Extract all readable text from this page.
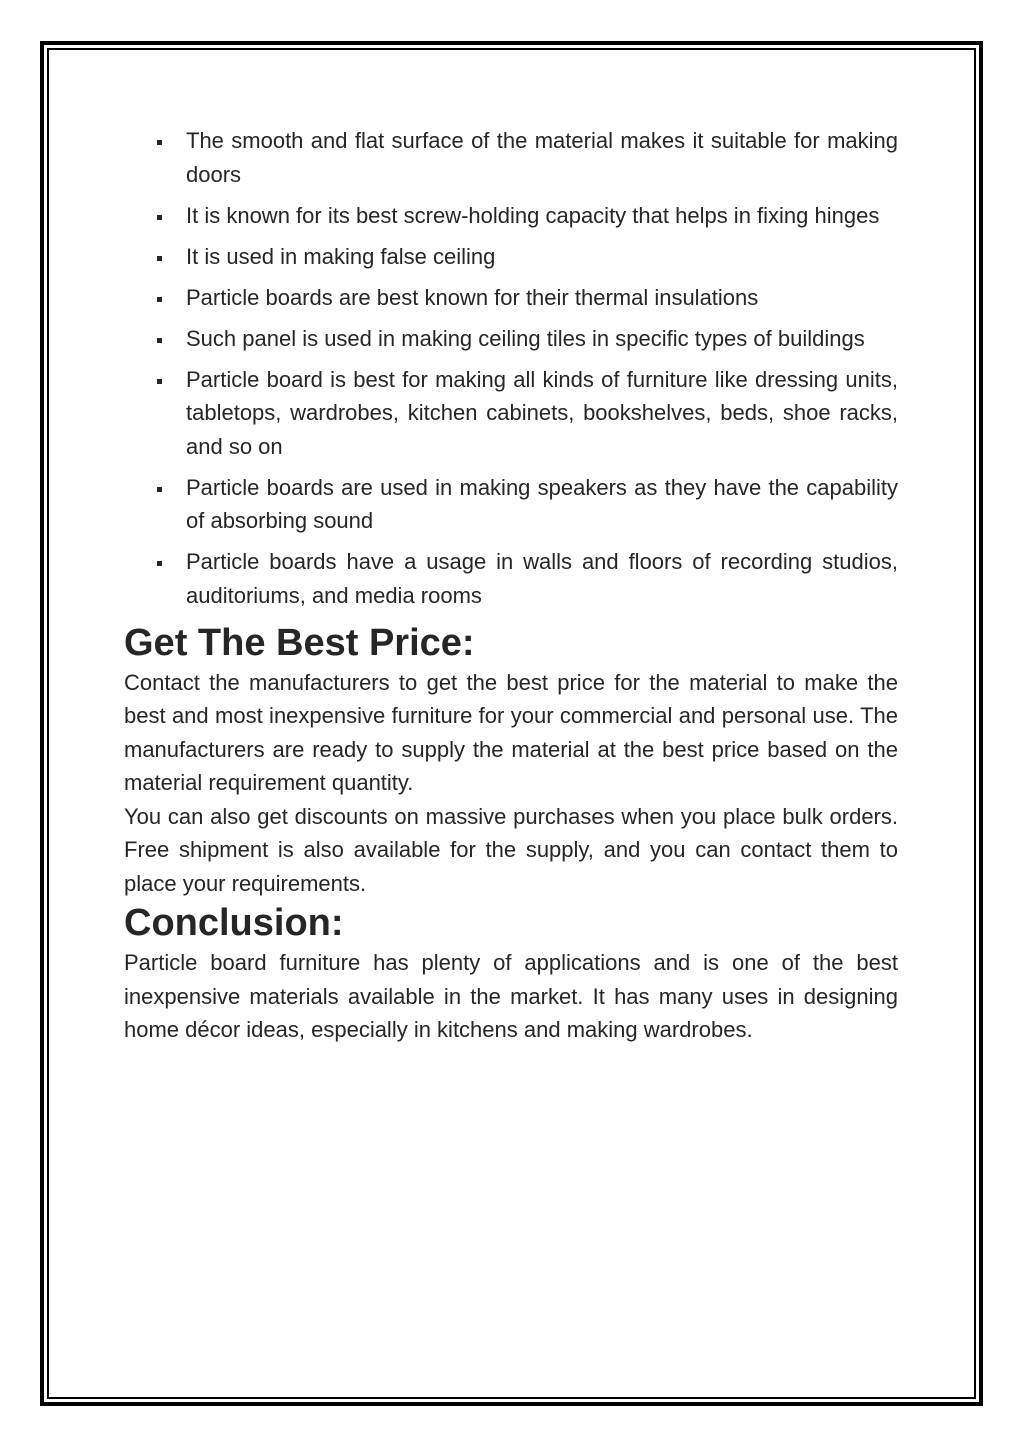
The smooth and flat surface of the material makes it suitable for making doors
It is known for its best screw-holding capacity that helps in fixing hinges
It is used in making false ceiling
Particle boards are best known for their thermal insulations
Such panel is used in making ceiling tiles in specific types of buildings
Particle board is best for making all kinds of furniture like dressing units, tabletops, wardrobes, kitchen cabinets, bookshelves, beds, shoe racks, and so on
Particle boards are used in making speakers as they have the capability of absorbing sound
Particle boards have a usage in walls and floors of recording studios, auditoriums, and media rooms
Get The Best Price:

Contact the manufacturers to get the best price for the material to make the best and most inexpensive furniture for your commercial and personal use. The manufacturers are ready to supply the material at the best price based on the material requirement quantity.

You can also get discounts on massive purchases when you place bulk orders. Free shipment is also available for the supply, and you can contact them to place your requirements.

Conclusion:

Particle board furniture has plenty of applications and is one of the best inexpensive materials available in the market. It has many uses in designing home décor ideas, especially in kitchens and making wardrobes.
